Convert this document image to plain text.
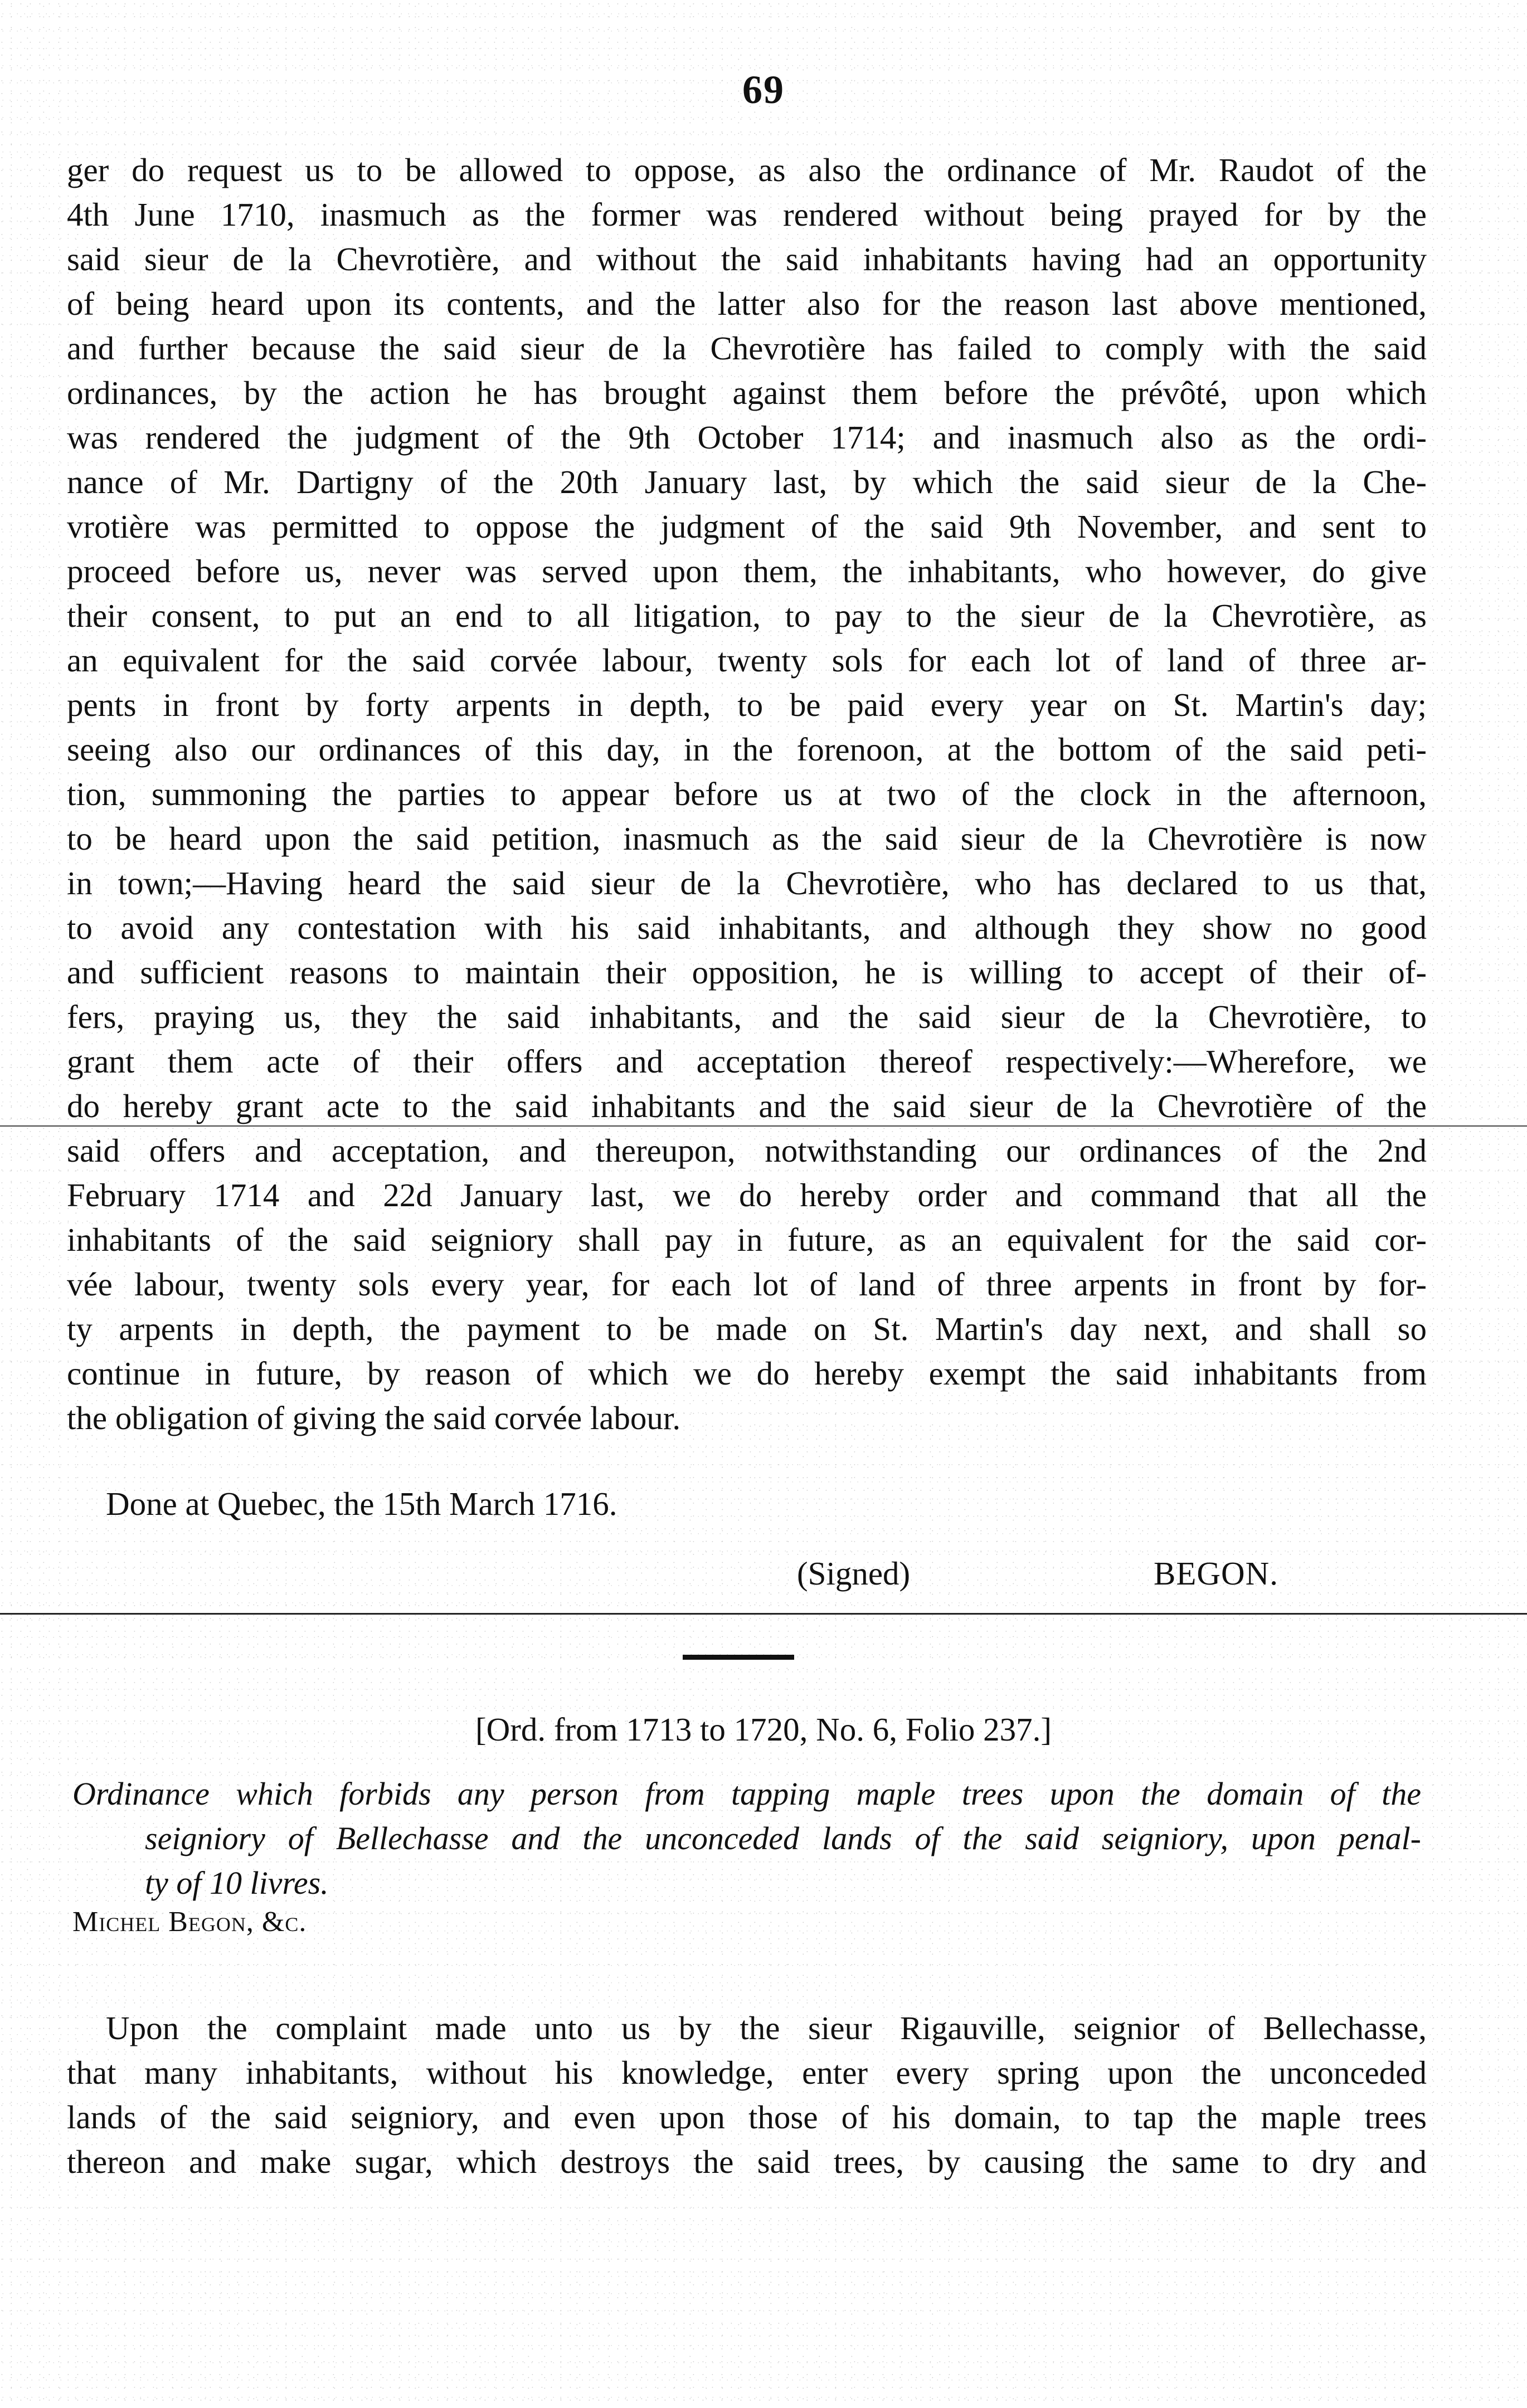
69
ger do request us to be allowed to oppose, as also the ordinance of Mr. Raudot of the
4th June 1710, inasmuch as the former was rendered without being prayed for by the
said sieur de la Chevrotière, and without the said inhabitants having had an opportunity
of being heard upon its contents, and the latter also for the reason last above mentioned,
and further because the said sieur de la Chevrotière has failed to comply with the said
ordinances, by the action he has brought against them before the prévôté, upon which
was rendered the judgment of the 9th October 1714; and inasmuch also as the ordi-
nance of Mr. Dartigny of the 20th January last, by which the said sieur de la Che-
vrotière was permitted to oppose the judgment of the said 9th November, and sent to
proceed before us, never was served upon them, the inhabitants, who however, do give
their consent, to put an end to all litigation, to pay to the sieur de la Chevrotière, as
an equivalent for the said corvée labour, twenty sols for each lot of land of three ar-
pents in front by forty arpents in depth, to be paid every year on St. Martin's day;
seeing also our ordinances of this day, in the forenoon, at the bottom of the said peti-
tion, summoning the parties to appear before us at two of the clock in the afternoon,
to be heard upon the said petition, inasmuch as the said sieur de la Chevrotière is now
in town;—Having heard the said sieur de la Chevrotière, who has declared to us that,
to avoid any contestation with his said inhabitants, and although they show no good
and sufficient reasons to maintain their opposition, he is willing to accept of their of-
fers, praying us, they the said inhabitants, and the said sieur de la Chevrotière, to
grant them acte of their offers and acceptation thereof respectively:—Wherefore, we
do hereby grant acte to the said inhabitants and the said sieur de la Chevrotière of the
said offers and acceptation, and thereupon, notwithstanding our ordinances of the 2nd
February 1714 and 22d January last, we do hereby order and command that all the
inhabitants of the said seigniory shall pay in future, as an equivalent for the said cor-
vée labour, twenty sols every year, for each lot of land of three arpents in front by for-
ty arpents in depth, the payment to be made on St. Martin's day next, and shall so
continue in future, by reason of which we do hereby exempt the said inhabitants from
the obligation of giving the said corvée labour.
Done at Quebec, the 15th March 1716.
(Signed)	BEGON.
[Ord. from 1713 to 1720, No. 6, Folio 237.]
Ordinance which forbids any person from tapping maple trees upon the domain of the
seigniory of Bellechasse and the unconceded lands of the said seigniory, upon penal-
ty of 10 livres.
Michel Begon, &c.
Upon the complaint made unto us by the sieur Rigauville, seignior of Bellechasse,
that many inhabitants, without his knowledge, enter every spring upon the unconceded
lands of the said seigniory, and even upon those of his domain, to tap the maple trees
thereon and make sugar, which destroys the said trees, by causing the same to dry and
